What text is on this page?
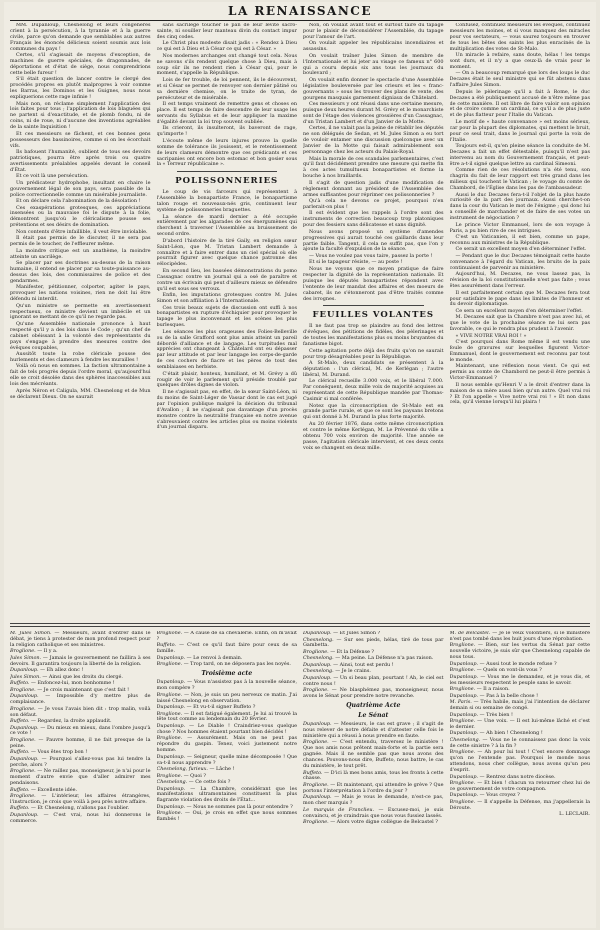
LA RENAISSANCE

MM. Dupanloup, Chesnelong et leurs congénères crient à la persécution, à la tyrannie et à la guerre civile, parce qu'on demande que semblables aux autres Français les énoncés délicieux soient soumis aux lois communes du pays !

Certes, s'il s'agissait de moyens d'exception, de machines de guerre spéciales, de dragonnades, de déportations et d'état de siège, nous comprendrions cette belle fureur !

S'il était question de lancer contre le clergé des procédés propres en plutôt malpropres à voir comme les Barras, les Dominos et les Guignes, nous nous expliquerions cette rage infinie !

Mais non, on réclame simplement l'application des lois faites pour tous ; l'application de lois blaguées qui ne partent si d'exactitude, et de plomb fondu, ni de coins, ni de roue, ni d'aucune des inventions agréables de la sainte Inquisition !

Et ces messieurs se fâchent, et ces bonnes gens possesseurs des bassinoires, comme si on les écorchait vifs.

Ils bafouent l'humanité, oublient de tous ses devoirs patriotiques, pourra être après trois ou quatre avertissements préalables appelés devant le conseil d'État.

Et ce voit là une persécution.

Un prédicateur hydrophobe, insultant en chaire le gouvernement légal de son pays, sera passible de la police correctionnelle comme un misérable journaliste.

Et on déclare cela l'abomination de la désolation !

Ces exaspérations grotesques, ces appréciations insensées ou la mauvaise foi le dispute à la folie, démontrent jusqu'où le cléricalisme pousse ses prétentions et ses désirs de domination.

Non contents d'être infaillible, il veut être inviolable.

Il était pas permis de le discuter, il ne sera pas permis de le toucher, de l'effleurer même.

La moindre critique est un anathème, la moindre atteinte un sacrilège.

Se placer par ses doctrines au-dessus de la raison humaine, il entend se placer par sa toute-puissance au-dessus des lois, des commissaires de police et des gendarmes.

Manifester, pétitionner, colporter, agiter le pays, provoquer les nations voisines, rien ne doit lui être défendu ni interdit.

Qu'un ministre se permette en avertissement respectueux, ce ministre devient un imbécile et un ignorant se mettant de ce qu'il ne regarde pas.

Qu'une Assemblée nationale prononce à haut respecté qu'il y a des lois dans le Code ; qu'un chef de cabinet obéissant à la volonté des représentants du pays s'engage à prendre des mesures contre des évêques coupables,

Aussitôt toute la robe cléricale pousse des hurlements et des clameurs à fendre les murailles !

Voilà où nous en sommes. La faction ultramontaine a fait de tels progrès depuis l'ordre moral, qu'aujourd'hui elle se croit désolée dans des sphères inaccessibles aux lois des mécréants.

Après Néron et Caligula, MM. Chesnelong et de Mun se déclarent Dieux. On ne saurait

sans sacrilège toucher le pan de leur lévite sacro-sainte, ni souiller leur manteau divin du contact impur des cinq codes.

Le Christ plus modeste disait jadis : « Rendez à Dieu ce qui est à Dieu et à César ce qui est à César. »

Nos modernes archanges ont changé tout cela. Nous ne savons s'ils rendent quelque chose à Dieu, mais à coup sûr ils ne rendent rien à César qui, pour le moment, s'appelle la République.

Lois de fer trouble, de loi pennent, ils le découvrent, et si César se permet de renvoyer son dernier pâtiné ou sa dernière chemise, on le traite de tyran, de persécuteur et de misérable.

Il est temps vraiment de remettre gens et choses en place. Il est temps de faire descendre de leur usage les servants du Syllabus et de leur appliquer la maxime d'égalité devant la loi trop souvent oubliée.

Ils crieront, ils insulteront, ils baveront de rage, qu'importe !

L'écoute même de leurs injures prouve la quelle somme de tolérance ils jouissent, et le retentissement de leurs clameurs démontre que ces prédicants et ces sacripanies ont encore bon estomac et bon gosier sous la « Terreur républicaine ».

POLISSONNERIES

Le coup de vis farceurs qui représentent à l'Assemblée la bonapartiste France, le bonapartisme talon rouge et nouveaux-nés gris, continuent leur système de polissonneries braguettes.

La séance de mardi dernier a été occupée entièrement par les algarades de ces énergumènes qui cherchent à traverser l'Assemblée au bruissement de second ordre.

D'abord l'histoire de la tiré Gaily, en religion sœur Saint-Léon, que M. Tristan Lambert demande à connaître et à faire entrer dans un ciel spécial où elle pourrait figurer avec quelque chance patronne des vélocipèdes.

En second lieu, les bassées démonstrations du pomo Cassagnac contre un journal qui a osé de paraître et contre un écrivain qui peut d'ailleurs mieux se défendre qu'il est sous ses verroux.

Enfin, les imputations grotesques contre M. Jules Simon et son affiliation à l'Internationale.

Ces trois beaux sujets de discussion ont suffi à nos bonapartistes en rupture d'échiquier pour provoquer le tapage le plus inconvenant et les scènes les plus burlesques.

Les séances les plus orageuses des Folies-Belleville ou de la salle Grafford sont plus amis atteint un pareil débordé d'alliance et de langage. Les turpitudes mal apprécies ont changeant à Châtelard ont eu dépasser par leur attitude et par leur langage les corps-de-garde de ces cochers de fiacre et les pères de tout des semblaiases en herbiste.

C'était plaisir, honteux, humiliant, et M. Grévy a dû rougir de voir le parlement qu'il préside troublé par quelques drôles dignes de violon.

Il ne s'agissait pas, en effet, de la sœur Saint-Léon, ni du moins de Saint-Léger de Vassar dont le cas est jugé par l'opinion publique malgré la décision du tribunal d'Avallon ; il ne s'agissait pas davantage d'un procès monstre contre la neutralité française en notre avenue s'abreuvaient contre les articles plus ou moins violents d'un journal disparu.

Non, on voulait avant tout et surtout faire du tapage pour le plaisir de déconsidérer l'Assemblée, du tapage pour l'amour de l'art.

On voulait appeler les républicains incendiaires et assassins.

On voulait traîner Jules Simon de membre de l'Internationale et lui jeter au visage ce fameux n° 600 qui a couru depuis six ans tous les journaux du boulevard ;

On voulait enfin donner le spectacle d'une Assemblée législative bouleversée par les crieurs et les « franc-gouvernants » sous les trouver des plans de vente, des gourgens masquais garnement digniaux de Châtelard.

Ces messieurs y ont réussi dans une certaine mesure, puisque deux heures durant M. Grévy et le monarchiste sont de l'étage des violences grossières d'un Cassagnac, d'un Tristan Lambert et d'un Janvier de la Motte.

Certes, il ne valait pas la peine de rétablir les députés ne son délégués de Sedan, et M. Jules Simon a eu tort de vouloir entamer une discussion quelconque avec un Janvier de la Motte qui faisait admirablement son personnage chez les acteurs du Palais-Royal.

Mais la morale de ces scandales parlementaires, c'est qu'il faut décidément prendre une mesure qui mette fin à ces actes tumultueux bonapartistes et forme la bouche à nos braillards.

Il s'agit de question jadis d'une modification de règlement donnant au président de l'Assemblée des armes suffisantes pour réprimer ces polissonneries ?

Qu'à cela ne devons ce projet, pourquoi n'en parlerait-on plus !

Il est évident que les rappels à l'ordre sont des instruments de correction beaucoup trop platoniques pour des fessiers sans délicatesse et sans dignité.

Nous avons proposé un système d'amendes progressives qui aurait touché ces gaillards dans leur partie faible. Tangent, il cela ne suffit pas, que l'on y ajoute la faculté d'expulsion de la séance.

— Vous ne voulez pas vous taire, passez la porte !

Et si le tapageur résiste, — au poste !

Nous ne voyons que ce moyen pratique de faire respecter la dignité de la représentation nationale. Et puisque les députés bonapartistes répondent avec l'entente de leur mandat des affaires et des moeurs de cabaret, ils ne s'étonneront pas d'être traités comme des ivrognes.

FEUILLES VOLANTES

Il ne faut pas trop se plaindre au fond des lettres d'évêques, des pétitions de fidèles, des pèlerinages et de toutes les manifestations plus ou moins bruyantes du fanatisme bigot.

Cette agitation porte déjà des fruits qu'on ne saurait pour trop désagréables pour la République.

A St-Malo, deux candidats se présentent à la députation : l'un clérical, M. de Kerlégan ; l'autre libéral, M. Durand.

Le clérical recueille 3.000 voix, et le libéral 7.000. Par conséquent, deux mille voix de majorité acquises au représentant de cette République mandée par Thomas-Casimir si mal conférée.

Notez que la circonscription de St-Malo est en grande partie rurale, et que ce sont les paysans bretons qui ont donné à M. Durand la plus forte majorité.

Au 20 février 1876, dans cette même circonscription et contre le même Kerlégan, M. Le Prévenné du ville a obtenu 700 voix environ de majorité. Une année se passe, l'agitation cléricale intervient, et ces deux cents voix se changent en deux mille.

Confusez, continuez messieurs les évêques, continuez messieurs les moines, et si vous manquez des miracles pour vos sectateurs, — vous saurez toujours en trouver de tous les bêtes des saints les plus enracinés de la multiplication des votes de St-Malo.

Un miracle à refaire, sans doute, hélas ! les temps sont durs, et il n'y a que ceux-là de vrais pour le moment.

— On a beaucoup remarqué que lors des loups le duc Decazes était le seul ministre qui se fût abstenu dans l'affaire Jules Simon.

Depuis le pèlerinage qu'il a fait à Rome, le duc Decazes a été publiquement accusé de n'être même pas de cette manière. Il est libre de faire valoir son opinion et de croire comme un cardinal, ce qu'il a de plus juste et de plus flatteur pour l'Italie du Vatican.

Le motif de « haute convenance » est moins sérieux, car pour la plupart des diplomates, qui mettent le bruit, pour ce seul trait, dans le journal qui porte la voix de l'Italie.

Toujours est-il, qu'en pleine séance la conduite de M. Decazes a fait un effet détestable, puisqu'il n'est pas intervenu au nom du Gouvernement français, et peut-être a-t-il signé quelque lettre au cardinal Simeoni.

Comme rien de ces résolutions n'a été tenu, son chagrin du fait de leur rapport est très grand dans les milieux qui touchent le Vatican ; le voyage du comte de Chambord, de l'Église dans les pas de l'ambassadeur.

Aussi le duc Decazes fera-t-il l'objet de la plus haute curiosité de la part des journaux. Aussi cherche-t-on dans la cour du Vatican le mot de l'énigme ; qui donc lui a conseillé de marchander et de faire de ses votes un instrument de négociation ?

Le prince Victor Emmanuel, lors de son voyage à Paris, a pu bien rire de ces intrigues.

C'est un Vaticanien, il est bien, comme un pape, reconnu aux ministres de la République.

Ce serait un excellent moyen d'en déterminer l'effet.

— Pendant que le duc Decazes témoignait cette haute convenance à l'égard du Vatican, les bruits de la paix continuaient de parvenir au ministère.

Aujourd'hui, M. Decazes, ne vous lassez pas, la révision de la loi constitutionnelle n'est pas faite ; vous êtes assurément dans l'erreur.

Il est parfaitement certain que M. Decazes fera tout pour satisfaire le pape dans les limites de l'honneur et du devoir diplomatique.

Ce sera un excellent moyen d'en déterminer l'effet.

M. Decazes sait que la Chambre n'est pas avec lui, et que le vote de la prochaine séance ne lui sera pas favorable, ce qui le rendra plus prudent à l'avenir.

« VIVE NOTRE VRAI ROI ! »

C'est pourquoi dans Rome même il est vendu une foule de gravures sur lesquelles figurent Victor-Emmanuel, dont le gouvernement est reconnu par tout le monde.

Maintenant, une réflexion nous vient. Ce qui est permis au comte de Chambord ne peut-il être permis à Victor-Emmanuel ?

Il nous semble qu'Henri V a le droit d'entrer dans la maison de sa mère aussi bien qu'un autre. Quel vrai roi ? Et l'on appelle « Vive notre vrai roi ! » Et non dans cela, qu'il vienne lorsqu'il lui plaira !

M. Jules Simon. — Messieurs, avant d'entrer dans le débat, je tiens à protester de mon profond respect pour la religion catholique et ses ministres.

Broglione. — Il y a.

Jules Simon. — Jamais le gouvernement ne faillira à ses devoirs. Il garantira toujours la liberté de la religion.

Dupanloup. — Eh allez donc !

Jules Simon. — Ainsi que les droits du clergé.

Buffeto. — Enfoncez-lui, mon bonhomme !

Broglione. — Je crois maintenant que c'est fait !

Dupanloup. — Impossible d'y mettre plus de complaisance.

Broglione. — Je vous l'avais bien dit : trop malin, voilà son défaut.

Buffeto. — Regardez, la droite applaudit.

Dupanloup. — Du mieux en mieux, dans l'ombre jusqu'à ce vote !

Broglione. — Pauvre homme, il ne fait presque de la peine.

Buffeto. — Vous êtes trop bon !

Dupanloup. — Pourquoi s'allez-vous pas lui tendre la perche, alors ?

Broglione. — Ne raillez pas, monseigneur, je n'ai pour le moment d'autre envie que d'aller admirer mes pendaisons.

Buffeto. — Excellente idée.

Broglione. — L'intérieur, les affaires étrangères, l'instruction, je crois que voilà à peu près notre affaire.

Buffeto. — Et Chesnelong, n'allons pas l'oublier.

Dupanloup. — C'est vrai, nous lui donnerons le commerce.

Broglione. — A cause de sa chevalerie. Enfin, on m'avait ?

Buffeto. — C'est ce qu'il faut faire pour ceux de sa famille.

Dupanloup. — Le renvoi à demain.

Broglione. — Trop tard, on ne déposera pas les noyés.

Troisième acte

Dupanloup. — Vous n'assistez pas à la nouvelle séance, mon compère ?

Broglione. — Non, je suis un peu nerveux ce matin. J'ai laissé Chesnelong en observation.

Dupanloup. — Et vu-t-il signer Buffeto ?

Broglione. — Il est fatigué également. Je lui ai trouvé la tête tout comme au lendemain du 20 février.

Dupanloup. — Le Diable ! Craindriez-vous quelque chose ? Nos hommes étaient pourtant bien décidés !

Broglione. — Assurément. Mais on ne peut pas répondre du gaspin. Tenez, voici justement notre homme.

Dupanloup. — Seigneur, quelle mine décomposée ! Que va-t-il nous apprendre ?

Chesnelong, furieux. — Lâche !

Broglione. — Quoi ?

Chesnelong. — Ce cette fois ?

Dupanloup. — La Chambre, considérant que les manifestations ultramontaines constituent la plus flagrante violation des droits de l'État...

Dupanloup. — Nous ne sommes pas là pour entendre ?

Broglione. — Oui, je crois en effet que nous sommes flambés !

Dupanloup. — Et Jules Simon ?

Chesnelong. — Sur ses pieds, hélas, tiré de tous par Gambetta.

Broglione. — Et la Défense ?

Chesnelong. — Ma peine. La Défense n'a pas raison.

Dupanloup. — Ainsi, tout est perdu !

Chesnelong. — Je le crains.

Dupanloup. — Un si beau plan, pourtant ! Ah, le ciel est contre nous !

Broglione. — Ne blasphémez pas, monseigneur, nous avons le Sénat pour prendre notre revanche.

Quatrième Acte
Le Sénat

Dupanloup. — Messieurs, le cas est grave ; il s'agit de nous relever de notre défaite et d'attester celle fois le ministère qui a réussi à nous prendre en faute.

Broglione. — C'est entendu, traversez le ministère ! Que nos amis nous prêtent main-forte et la partie sera gagnée. Mais il ne semble pas que nous avons des chances. Pouvons-nous dire, Buffeto, nous battre, le cas du ministère, le tout prêt.

Buffeto. — D'ici là mes bons amis, tous les fronts à cette chasse.

Broglione. — Et maintenant, qui attendre le grève ? Que portons l'interprétation à l'ordre du jour ?

Dupanloup. — Mais je vous le demande, n'est-ce pas, mon cher marquis ?

Le marquis de Franclieu. — Excusez-moi, je suis convaincu, et je craindrais que nous vous fussiez lassés.

Broglione. — Alors votre digne collègue de Belcastel ?

M. de Belcastel. — Je le veux volontiers, si le ministère n'est pas tombé dans les huit jours d'une réprobation.

Broglione. — Bien, sur les vertus du Sénat par cette nouvelle victoire, je suis sûr que Chesnelong capable de nous tous.

Dupanloup. — Aussi tout le monde refuse ?

Broglione. — Quels on vont-ils vous ?

Dupanloup. — Vous me le demandez, et je vous dis, et les messieurs respectent le peuple sans le savoir.

Broglione. — Il a raison.

Dupanloup. — Pas à la belle chose !

M. Paris. — Très habile, mais j'ai l'intention de déclarer demain si ou semaine de congé.

Dupanloup. — Très bien !

Broglione. — Une voix. — Il est lui-même lâché et c'est le dernier.

Dupanloup. — Ah bien ! Chesnelong !

Chesnelong. — Vous ne le connaissez pas donc la voix de cette sinistre ? à la fin ?

Broglione. — Ah pour lui tout ! C'est encore dommage qu'on ne l'entende pas. Pourquoi le monde nous attendons, nous cher collègue, nous avons qu'un peu d'esprit.

Dupanloup. — Rentrez dans notre diocèse.

Broglione. — Et bien ! chacun va retourner chez lui de ce gouvernement de votre compagnon.

Dupanloup. — Vous croyez ?

Broglione. — Il s'appelle la Défense, ma j'appellerais la Déroute.

L. LECLAIR.
